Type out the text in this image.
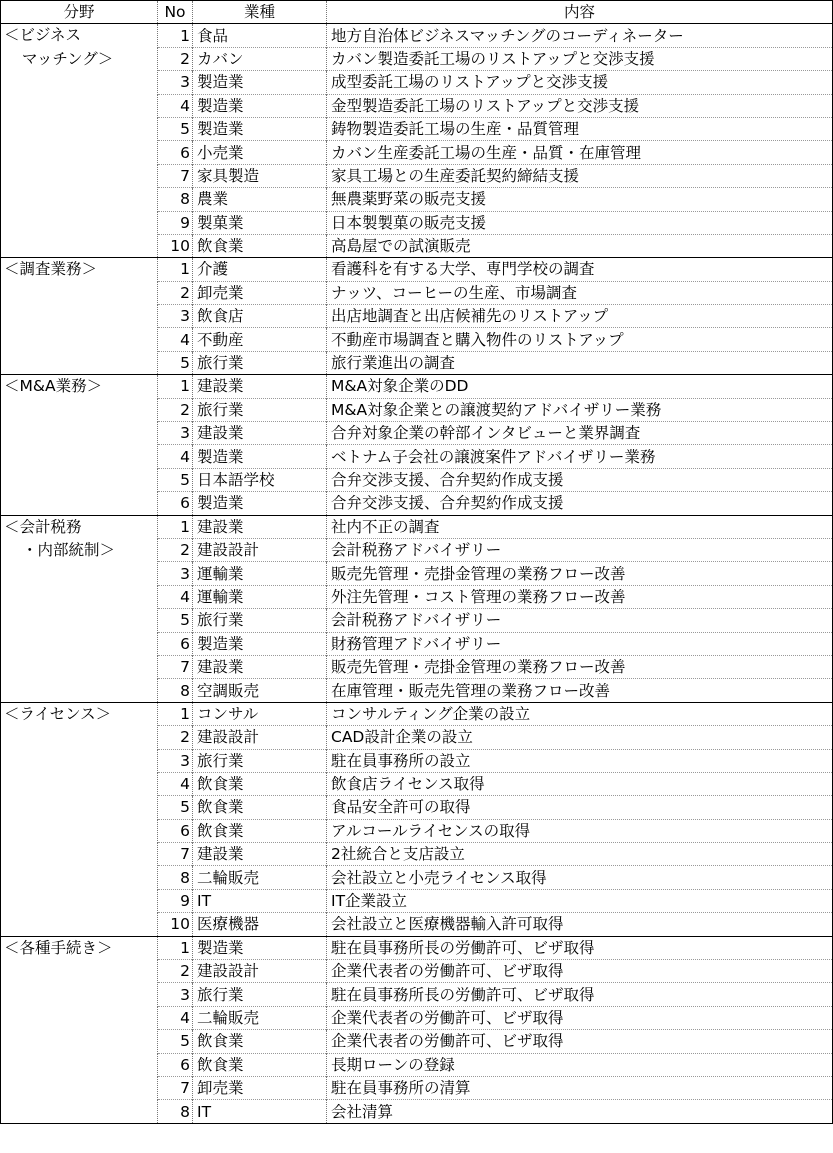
分野	No	業種	内容

＜ビジネス
マッチング＞	1	食品	地方自治体ビジネスマッチングのコーディネーター
	2	カバン	カバン製造委託工場のリストアップと交渉支援
	3	製造業	成型委託工場のリストアップと交渉支援
	4	製造業	金型製造委託工場のリストアップと交渉支援
	5	製造業	鋳物製造委託工場の生産・品質管理
	6	小売業	カバン生産委託工場の生産・品質・在庫管理
	7	家具製造	家具工場との生産委託契約締結支援
	8	農業	無農薬野菜の販売支援
	9	製菓業	日本製製菓の販売支援
	10	飲食業	高島屋での試演販売

＜調査業務＞	1	介護	看護科を有する大学、専門学校の調査
	2	卸売業	ナッツ、コーヒーの生産、市場調査
	3	飲食店	出店地調査と出店候補先のリストアップ
	4	不動産	不動産市場調査と購入物件のリストアップ
	5	旅行業	旅行業進出の調査

＜M&A業務＞	1	建設業	M&A対象企業のDD
	2	旅行業	M&A対象企業との譲渡契約アドバイザリー業務
	3	建設業	合弁対象企業の幹部インタビューと業界調査
	4	製造業	ベトナム子会社の譲渡案件アドバイザリー業務
	5	日本語学校	合弁交渉支援、合弁契約作成支援
	6	製造業	合弁交渉支援、合弁契約作成支援

＜会計税務
・内部統制＞	1	建設業	社内不正の調査
	2	建設設計	会計税務アドバイザリー
	3	運輸業	販売先管理・売掛金管理の業務フロー改善
	4	運輸業	外注先管理・コスト管理の業務フロー改善
	5	旅行業	会計税務アドバイザリー
	6	製造業	財務管理アドバイザリー
	7	建設業	販売先管理・売掛金管理の業務フロー改善
	8	空調販売	在庫管理・販売先管理の業務フロー改善

＜ライセンス＞	1	コンサル	コンサルティング企業の設立
	2	建設設計	CAD設計企業の設立
	3	旅行業	駐在員事務所の設立
	4	飲食業	飲食店ライセンス取得
	5	飲食業	食品安全許可の取得
	6	飲食業	アルコールライセンスの取得
	7	建設業	2社統合と支店設立
	8	二輪販売	会社設立と小売ライセンス取得
	9	IT	IT企業設立
	10	医療機器	会社設立と医療機器輸入許可取得

＜各種手続き＞	1	製造業	駐在員事務所長の労働許可、ビザ取得
	2	建設設計	企業代表者の労働許可、ビザ取得
	3	旅行業	駐在員事務所長の労働許可、ビザ取得
	4	二輪販売	企業代表者の労働許可、ビザ取得
	5	飲食業	企業代表者の労働許可、ビザ取得
	6	飲食業	長期ローンの登録
	7	卸売業	駐在員事務所の清算
	8	IT	会社清算
